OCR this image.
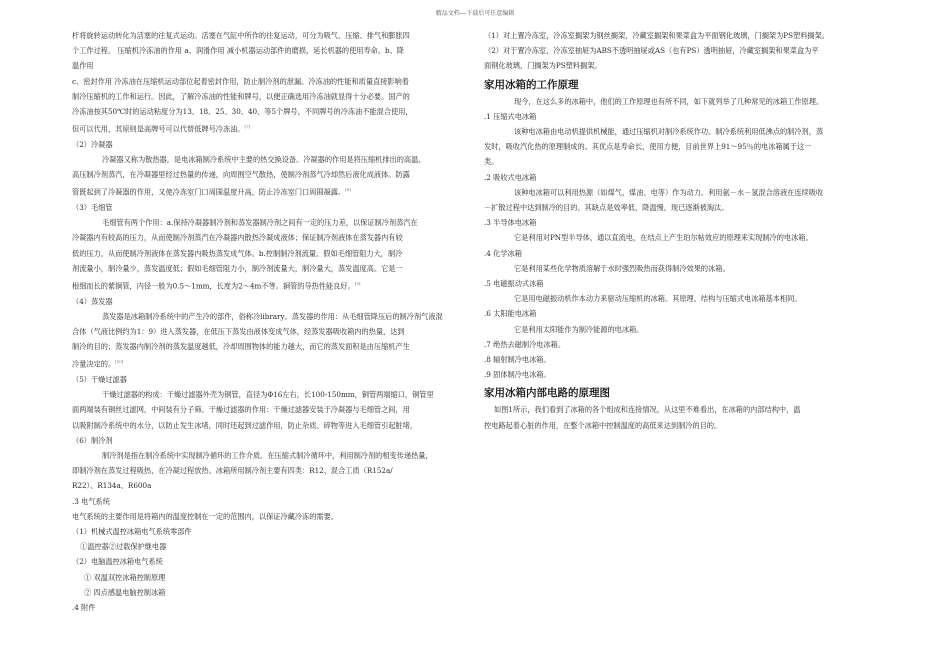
精品文档---下载后可任意编辑
杆将旋转运动转化为活塞的往复式运动。活塞在气缸中所作的往复运动，可分为吸气、压缩、排气和膨胀四
个工作过程。 压缩机冷冻油的作用 a、润滑作用 减小机器运动部件的磨损，延长机器的使用寿命。b、降
温作用
c、密封作用 冷冻油在压缩机运动部位起着密封作用，防止制冷剂的泄漏。冷冻油的性能和质量直接影响着
制冷压缩机的工作和运行。因此，了解冷冻油的性能和牌号，以便正确选用冷冻油就显得十分必要。国产的
冷冻油按其50℃时的运动粘度分为13、18、25、30、40、等5个牌号，不同牌号的冷冻油不能混合使用，
但可以代用，其原则是高牌号可以代替低牌号冷冻油。[7]
（2）冷凝器
冷凝器又称为散热器，是电冰箱制冷系统中主要的热交换设备。冷凝器的作用是将压缩机排出的高温、
高压制冷剂蒸汽，在冷凝器里经过热量的传递，向周围空气散热，使制冷剂蒸气冷却然后液化成液体。防露
管既起到了冷凝器的作用，又使冷冻室门口周围温度升高，防止冷冻室门口周围凝露。[8]
（3）毛细管
毛细管有两个作用：a.保持冷凝器制冷剂和蒸发器制冷剂之间有一定的压力差，以保证制冷剂蒸汽在
冷凝器内有较高的压力，从而使制冷剂蒸汽在冷凝器内散热冷凝成液体；保证制冷剂液体在蒸发器内有较
低的压力，从而使制冷剂液体在蒸发器内吸热蒸发成气体。b.控制制冷剂流量。假如毛细管阻力大，制冷
剂流量小，制冷量少，蒸发温度低；假如毛细管阻力小，制冷剂流量大，制冷量大，蒸发温度高。它是一
根细而长的紫铜管，内径一般为0.5～1mm，长度为2～4m不等。铜管的导热性能良好。[9]
（4）蒸发器
蒸发器是冰箱制冷系统中的产生冷的部件，俗称冷library。蒸发器的作用：从毛细管降压后的制冷剂气液混
合体（气液比例约为1：9）进入蒸发器，在低压下蒸发由液体变成气体，经蒸发器吸收箱内的热量，达到
制冷的目的；蒸发器内制冷剂的蒸发温度越低，冷却周围物体的能力越大，而它的蒸发面积是由压缩机产生
冷量决定的。[10]
（5）干燥过滤器
干燥过滤器的构成：干燥过滤器外壳为铜管，直径为Φ16左右，长100-150mm，铜管两端缩口，铜管里
面两端装有铜丝过滤网，中间装有分子筛。干燥过滤器的作用：干燥过滤器安装于冷凝器与毛细管之间，用
以吸附制冷系统中的水分，以防止发生冰堵，同时还起到过滤作用，防止杂质、碎物等进入毛细管引起脏堵。
（6）制冷剂
制冷剂是指在制冷系统中实现制冷循环的工作介质。在压缩式制冷循环中，利用制冷剂的相变传递热量，
即制冷剂在蒸发过程吸热，在冷凝过程放热。冰箱所用制冷剂主要有四类：R12、混合工质（R152a/
R22）、R134a、R600a
.3 电气系统
电气系统的主要作用是将箱内的温度控制在一定的范围内，以保证冷藏冷冻的需要。
（1）机械式温控冰箱电气系统零部件
①温控器②过载保护继电器
（2）电脑温控冰箱电气系统
① 双温双控冰箱控制原理
② 四点感温电脑控制冰箱
.4 附件
（1）对上置冷冻室，冷冻室搁架为钢丝搁架，冷藏室搁架和果菜盒为平面钢化玻璃，门搁架为PS塑料搁架。
（2）对于置冷冻室，冷冻室抽屉为ABS不透明抽屉或AS（也有PS）透明抽屉，冷藏室搁架和果菜盒为平
面钢化玻璃，门搁架为PS塑料搁架。
家用冰箱的工作原理
现今，在这么多的冰箱中，他们的工作原理也有所不同，如下就列举了几种常见的冰箱工作原理。
.1 压缩式电冰箱
该种电冰箱由电动机提供机械能，通过压缩机对制冷系统作功。制冷系统利用低沸点的制冷剂，蒸
发时，吸收汽化热的原理制成的。其优点是寿命长，使用方便，目前世界上91～95％的电冰箱属于这一
类。
.2 吸收式电冰箱
该种电冰箱可以利用热源（如煤气、煤油、电等）作为动力。利用氨－水－氢混合溶液在连续吸收
－扩散过程中达到制冷的目的。其缺点是效率低，降温慢，现已逐渐被淘汰。
.3 半导体电冰箱
它是利用对PN型半导体，通以直流电，在结点上产生珀尔帖效应的原理来实现制冷的电冰箱。
.4 化学冰箱
它是利用某些化学物质溶解于水时强烈吸热而获得制冷效果的冰箱。
.5 电磁振动式冰箱
它是用电磁振动机作本动力来驱动压缩机的冰箱。其原理、结构与压缩式电冰箱基本相同。
.6 太阳能电冰箱
它是利用太阳能作为制冷能源的电冰箱。
.7 绝热去磁制冷电冰箱。
.8 辐射制冷电冰箱。
.9 固体制冷电冰箱。
家用冰箱内部电路的原理图
如图1所示，我们看到了冰箱的各个组成和连接情况，从这里不难看出，在冰箱的内部结构中，温
控电路起着心脏的作用，在整个冰箱中控制温度的高低来达到制冷的目的。
